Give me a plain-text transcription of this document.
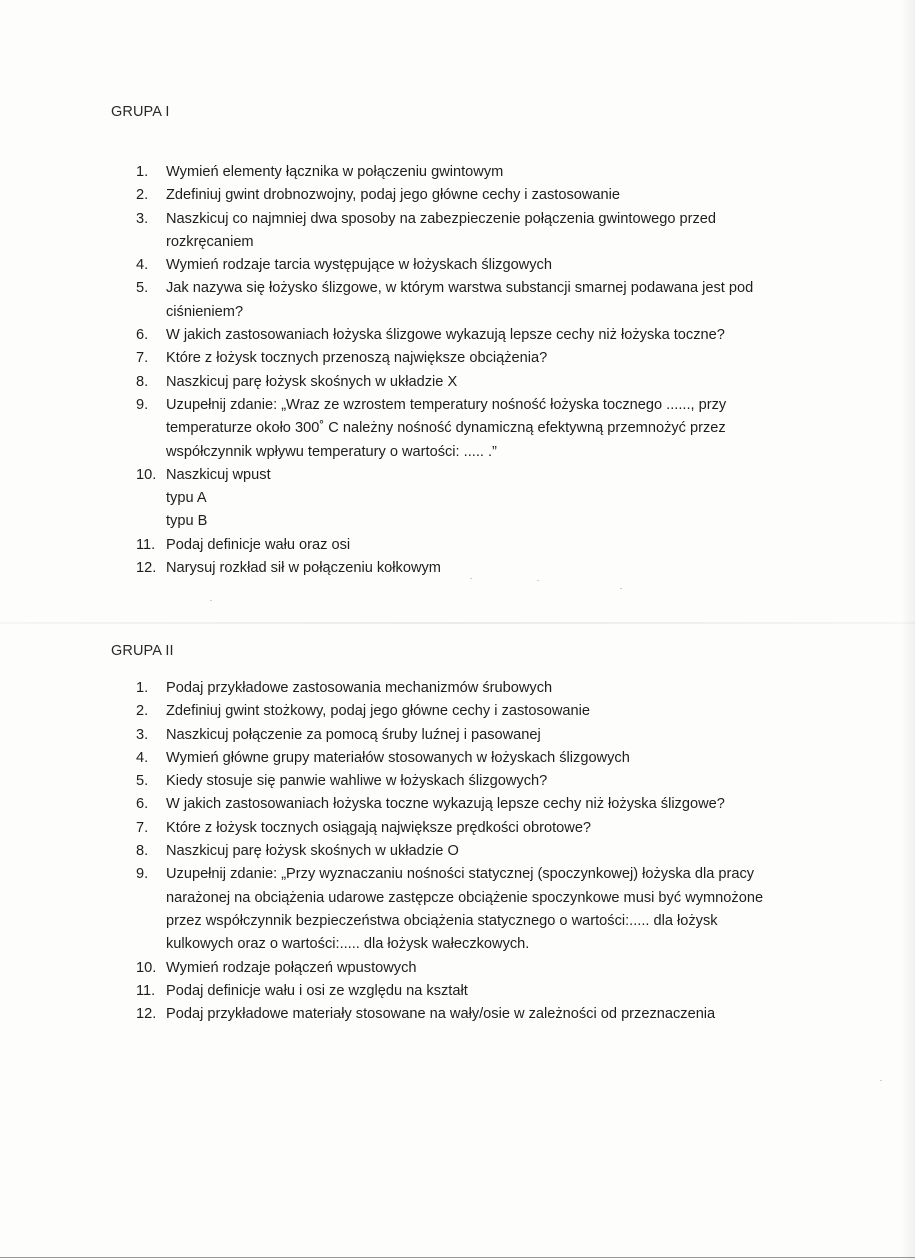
GRUPA I
1.	Wymień elementy łącznika w połączeniu gwintowym
2.	Zdefiniuj gwint drobnozwojny, podaj jego główne cechy i zastosowanie
3.	Naszkicuj co najmniej dwa sposoby na zabezpieczenie połączenia gwintowego przed
rozkręcaniem
4.	Wymień rodzaje tarcia występujące w łożyskach ślizgowych
5.	Jak nazywa się łożysko ślizgowe, w którym warstwa substancji smarnej podawana jest pod
ciśnieniem?
6.	W jakich zastosowaniach łożyska ślizgowe wykazują lepsze cechy niż łożyska toczne?
7.	Które z łożysk tocznych przenoszą największe obciążenia?
8.	Naszkicuj parę łożysk skośnych w układzie X
9.	Uzupełnij zdanie: „Wraz ze wzrostem temperatury nośność łożyska tocznego ......, przy
temperaturze około 300˚ C należny nośność dynamiczną efektywną przemnożyć przez
współczynnik wpływu temperatury o wartości: ..... .”
10. Naszkicuj wpust
typu A
typu B
11. Podaj definicje wału oraz osi
12. Narysuj rozkład sił w połączeniu kołkowym
GRUPA II
1.	Podaj przykładowe zastosowania mechanizmów śrubowych
2.	Zdefiniuj gwint stożkowy, podaj jego główne cechy i zastosowanie
3.	Naszkicuj połączenie za pomocą śruby luźnej i pasowanej
4.	Wymień główne grupy materiałów stosowanych w łożyskach ślizgowych
5.	Kiedy stosuje się panwie wahliwe w łożyskach ślizgowych?
6.	W jakich zastosowaniach łożyska toczne wykazują lepsze cechy niż łożyska ślizgowe?
7.	Które z łożysk tocznych osiągają największe prędkości obrotowe?
8.	Naszkicuj parę łożysk skośnych w układzie O
9.	Uzupełnij zdanie: „Przy wyznaczaniu nośności statycznej (spoczynkowej) łożyska dla pracy
narażonej na obciążenia udarowe zastępcze obciążenie spoczynkowe musi być wymnożone
przez współczynnik bezpieczeństwa obciążenia statycznego o wartości:..... dla łożysk
kulkowych oraz o wartości:..... dla łożysk wałeczkowych.
10. Wymień rodzaje połączeń wpustowych
11. Podaj definicje wału i osi ze względu na kształt
12. Podaj przykładowe materiały stosowane na wały/osie w zależności od przeznaczenia
